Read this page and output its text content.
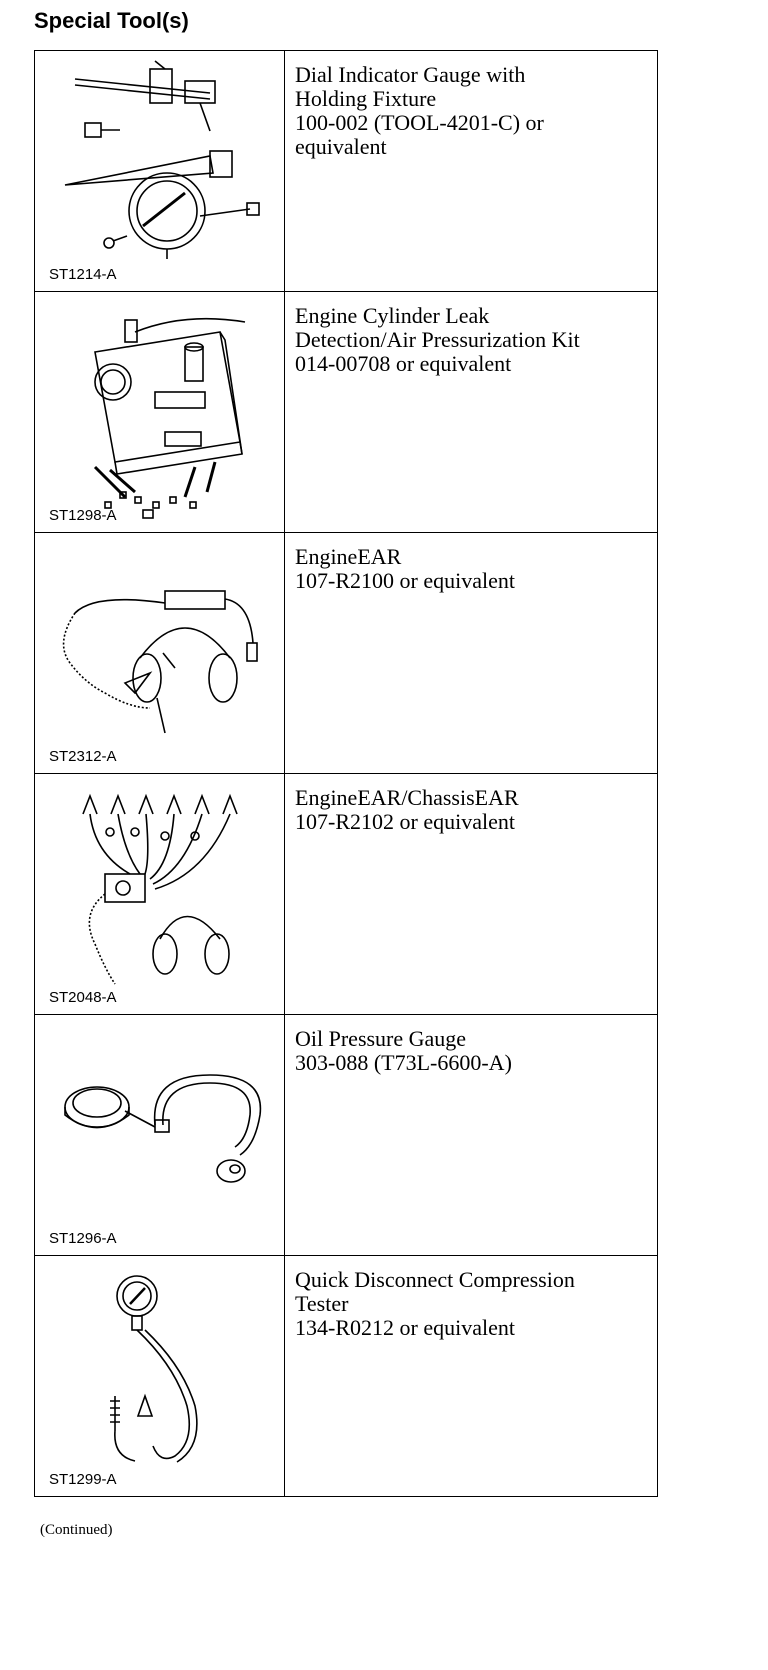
Special Tool(s)
ST1214-A	Dial Indicator Gauge with
Holding Fixture
100-002 (TOOL-4201-C) or
equivalent

ST1298-A	Engine Cylinder Leak
Detection/Air Pressurization Kit
014-00708 or equivalent

ST2312-A	EngineEAR
107-R2100 or equivalent

ST2048-A	EngineEAR/ChassisEAR
107-R2102 or equivalent

ST1296-A	Oil Pressure Gauge
303-088 (T73L-6600-A)

ST1299-A	Quick Disconnect Compression
Tester
134-R0212 or equivalent
(Continued)
